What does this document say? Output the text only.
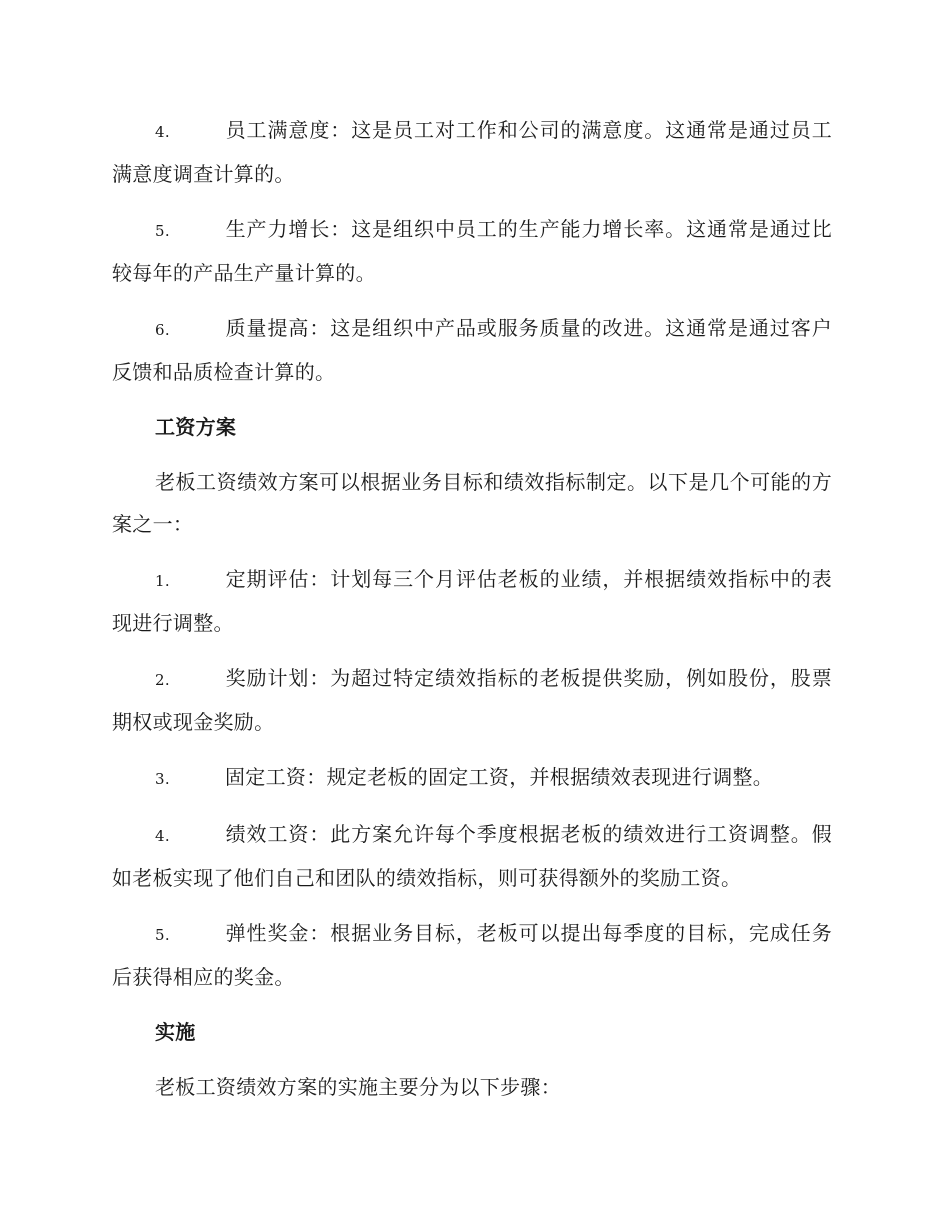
4.	员工满意度：这是员工对工作和公司的满意度。这通常是通过员工满意度调查计算的。

5.	生产力增长：这是组织中员工的生产能力增长率。这通常是通过比较每年的产品生产量计算的。

6.	质量提高：这是组织中产品或服务质量的改进。这通常是通过客户反馈和品质检查计算的。

工资方案

老板工资绩效方案可以根据业务目标和绩效指标制定。以下是几个可能的方案之一：

1.	定期评估：计划每三个月评估老板的业绩，并根据绩效指标中的表现进行调整。

2.	奖励计划：为超过特定绩效指标的老板提供奖励，例如股份，股票期权或现金奖励。

3.	固定工资：规定老板的固定工资，并根据绩效表现进行调整。

4.	绩效工资：此方案允许每个季度根据老板的绩效进行工资调整。假如老板实现了他们自己和团队的绩效指标，则可获得额外的奖励工资。

5.	弹性奖金：根据业务目标，老板可以提出每季度的目标，完成任务后获得相应的奖金。

实施

老板工资绩效方案的实施主要分为以下步骤：
